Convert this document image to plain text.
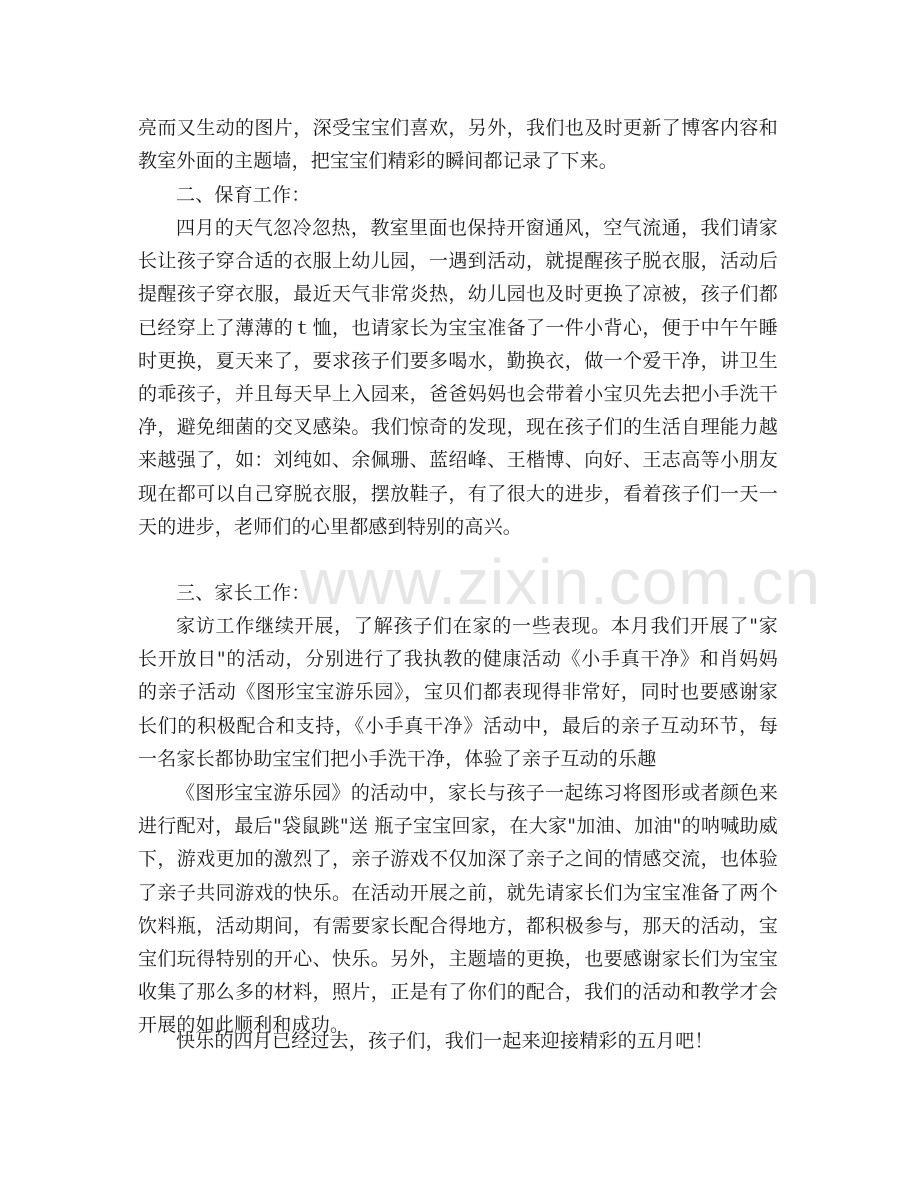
www.zixin.com.cn

亮而又生动的图片，深受宝宝们喜欢，另外，我们也及时更新了博客内容和教室外面的主题墙，把宝宝们精彩的瞬间都记录了下来。

二、保育工作：

四月的天气忽冷忽热，教室里面也保持开窗通风，空气流通，我们请家长让孩子穿合适的衣服上幼儿园，一遇到活动，就提醒孩子脱衣服，活动后提醒孩子穿衣服，最近天气非常炎热，幼儿园也及时更换了凉被，孩子们都已经穿上了薄薄的ｔ恤，也请家长为宝宝准备了一件小背心，便于中午午睡时更换，夏天来了，要求孩子们要多喝水，勤换衣，做一个爱干净，讲卫生的乖孩子，并且每天早上入园来，爸爸妈妈也会带着小宝贝先去把小手洗干净，避免细菌的交叉感染。我们惊奇的发现，现在孩子们的生活自理能力越来越强了，如：刘纯如、余佩珊、蓝绍峰、王楷博、向好、王志高等小朋友现在都可以自己穿脱衣服，摆放鞋子，有了很大的进步，看着孩子们一天一天的进步，老师们的心里都感到特别的高兴。

三、家长工作：

家访工作继续开展，了解孩子们在家的一些表现。本月我们开展了"家长开放日"的活动，分别进行了我执教的健康活动《小手真干净》和肖妈妈的亲子活动《图形宝宝游乐园》，宝贝们都表现得非常好，同时也要感谢家长们的积极配合和支持，《小手真干净》活动中，最后的亲子互动环节，每一名家长都协助宝宝们把小手洗干净，体验了亲子互动的乐趣

《图形宝宝游乐园》的活动中，家长与孩子一起练习将图形或者颜色来进行配对，最后"袋鼠跳"送 瓶子宝宝回家，在大家"加油、加油"的呐喊助威下，游戏更加的激烈了，亲子游戏不仅加深了亲子之间的情感交流，也体验了亲子共同游戏的快乐。在活动开展之前，就先请家长们为宝宝准备了两个饮料瓶，活动期间，有需要家长配合得地方，都积极参与，那天的活动，宝宝们玩得特别的开心、快乐。另外，主题墙的更换，也要感谢家长们为宝宝收集了那么多的材料，照片，正是有了你们的配合，我们的活动和教学才会开展的如此顺利和成功。

快乐的四月已经过去，孩子们，我们一起来迎接精彩的五月吧！
